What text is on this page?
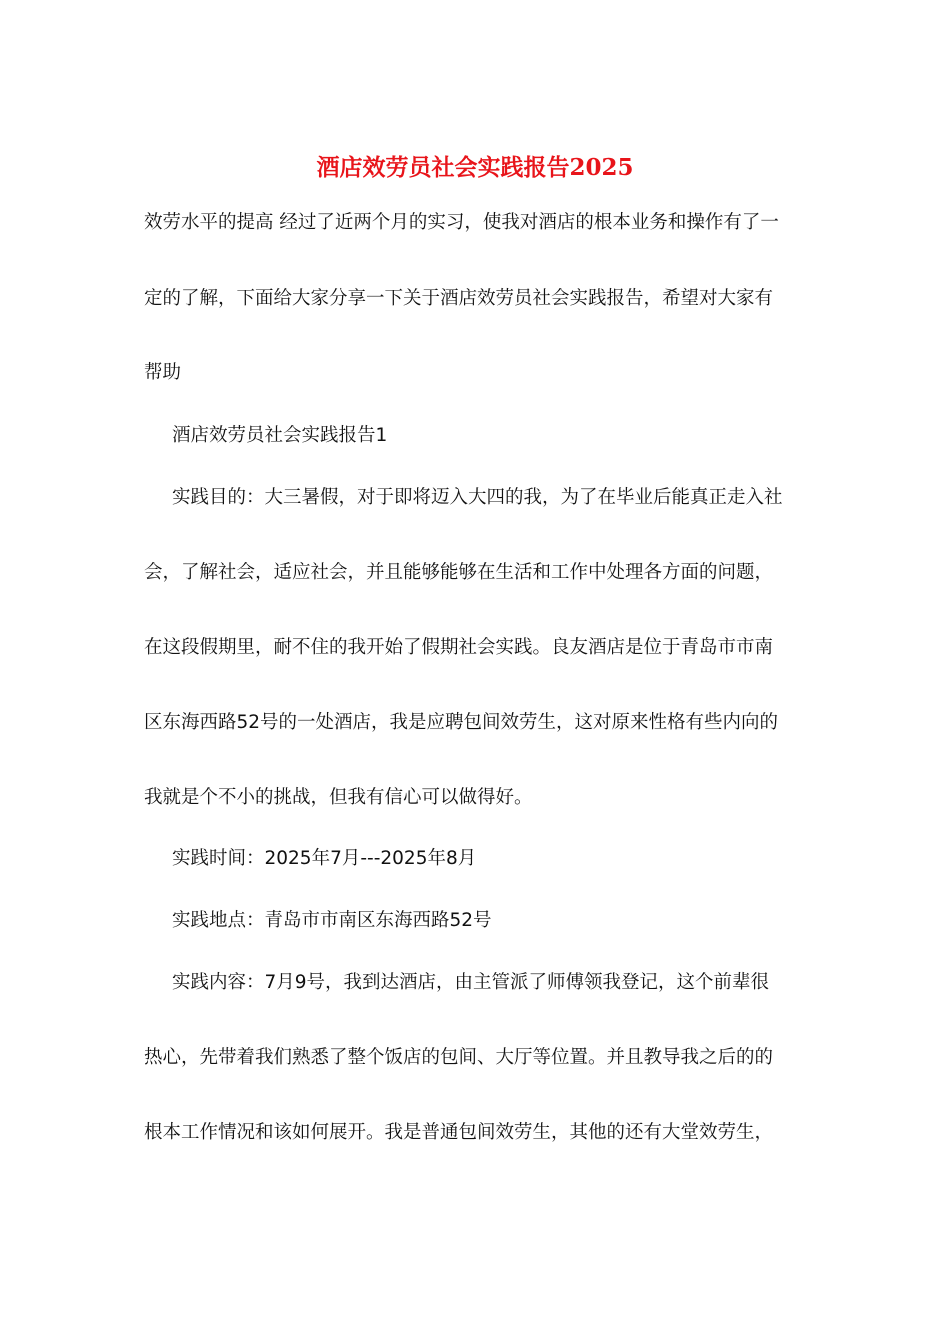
酒店效劳员社会实践报告2025

效劳水平的提高 经过了近两个月的实习，使我对酒店的根本业务和操作有了一

定的了解，下面给大家分享一下关于酒店效劳员社会实践报告，希望对大家有

帮助

酒店效劳员社会实践报告1

实践目的：大三暑假，对于即将迈入大四的我，为了在毕业后能真正走入社

会，了解社会，适应社会，并且能够能够在生活和工作中处理各方面的问题，

在这段假期里，耐不住的我开始了假期社会实践。良友酒店是位于青岛市市南

区东海西路52号的一处酒店，我是应聘包间效劳生，这对原来性格有些内向的

我就是个不小的挑战，但我有信心可以做得好。

实践时间：2025年7月---2025年8月

实践地点：青岛市市南区东海西路52号

实践内容：7月9号，我到达酒店，由主管派了师傅领我登记，这个前辈很

热心，先带着我们熟悉了整个饭店的包间、大厅等位置。并且教导我之后的的

根本工作情况和该如何展开。我是普通包间效劳生，其他的还有大堂效劳生，
